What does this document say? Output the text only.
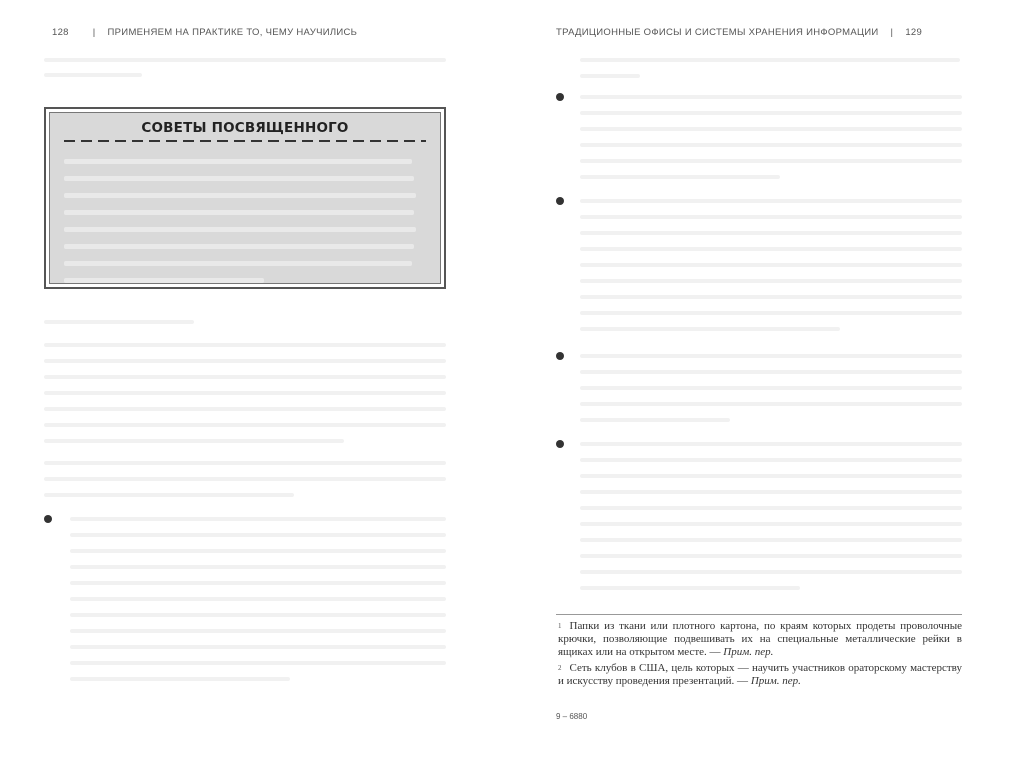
128	| ПРИМЕНЯЕМ НА ПРАКТИКЕ ТО, ЧЕМУ НАУЧИЛИСЬ
СОВЕТЫ ПОСВЯЩЕННОГО
ТРАДИЦИОННЫЕ ОФИСЫ И СИСТЕМЫ ХРАНЕНИЯ ИНФОРМАЦИИ | 129
$^1$ Папки из ткани или плотного картона, по краям которых продеты проволочные крючки, позволяющие подвешивать их на специальные металлические рейки в ящиках или на открытом месте. — Прим. пер.
$^2$ Сеть клубов в США, цель которых — научить участников ораторскому мастерству и искусству проведения презентаций. — Прим. пер.
9 – 6880
